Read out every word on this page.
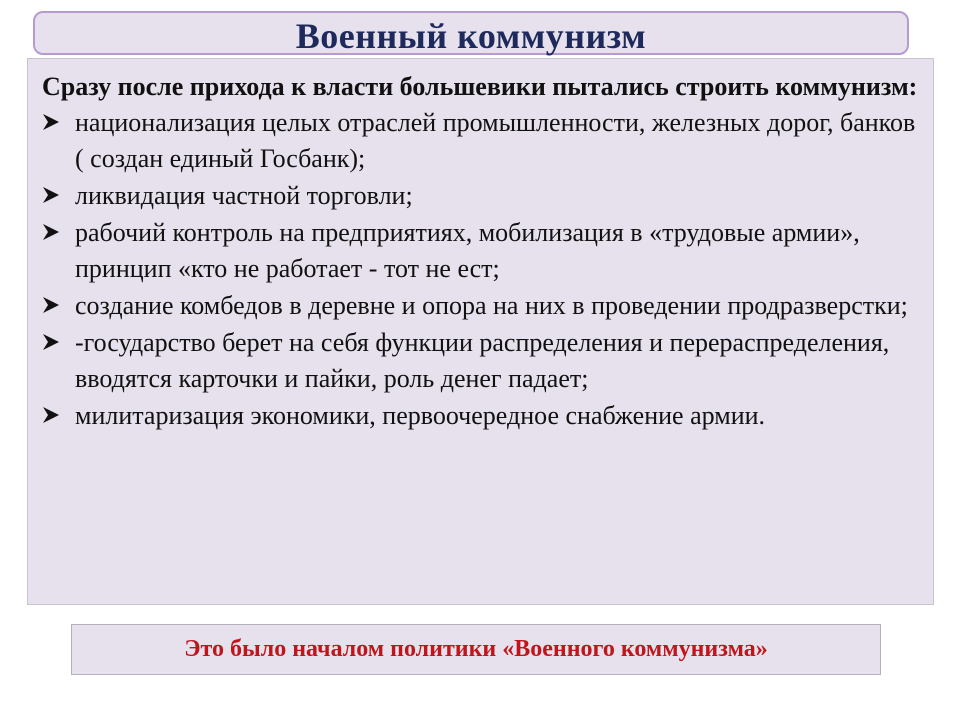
Военный коммунизм
Сразу после прихода к власти большевики пытались строить коммунизм:
национализация целых отраслей промышленности, железных дорог, банков ( создан единый Госбанк);
ликвидация частной торговли;
рабочий контроль на предприятиях, мобилизация в «трудовые армии», принцип «кто не работает - тот не ест;
создание комбедов в деревне и опора на них в проведении продразверстки;
-государство берет на себя функции распределения и перераспределения, вводятся карточки и пайки, роль денег падает;
милитаризация экономики, первоочередное снабжение армии.
Это было началом политики «Военного коммунизма»
